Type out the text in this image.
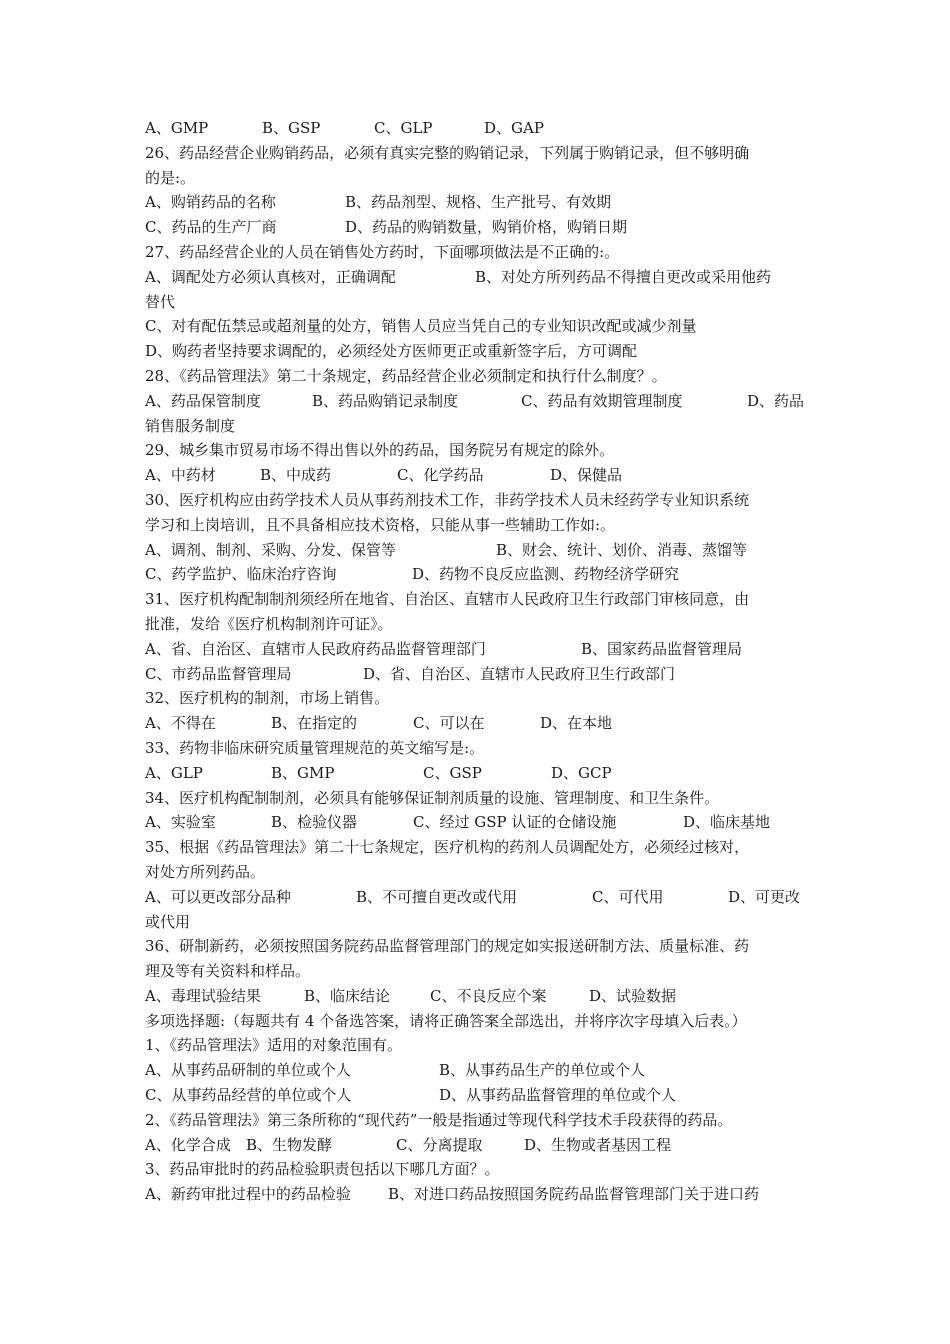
A、GMP	B、GSP	C、GLP	D、GAP
26、药品经营企业购销药品，必须有真实完整的购销记录，下列属于购销记录，但不够明确
的是:。
A、购销药品的名称	B、药品剂型、规格、生产批号、有效期
C、药品的生产厂商	D、药品的购销数量，购销价格，购销日期
27、药品经营企业的人员在销售处方药时，下面哪项做法是不正确的:。
A、调配处方必须认真核对，正确调配	B、对处方所列药品不得擅自更改或采用他药
替代
C、对有配伍禁忌或超剂量的处方，销售人员应当凭自己的专业知识改配或减少剂量
D、购药者坚持要求调配的，必须经处方医师更正或重新签字后，方可调配
28、《药品管理法》第二十条规定，药品经营企业必须制定和执行什么制度？。
A、药品保管制度	B、药品购销记录制度	C、药品有效期管理制度	D、药品
销售服务制度
29、城乡集市贸易市场不得出售以外的药品，国务院另有规定的除外。
A、中药材	B、中成药	C、化学药品	D、保健品
30、医疗机构应由药学技术人员从事药剂技术工作，非药学技术人员未经药学专业知识系统
学习和上岗培训，且不具备相应技术资格，只能从事一些辅助工作如:。
A、调剂、制剂、采购、分发、保管等	B、财会、统计、划价、消毒、蒸馏等
C、药学监护、临床治疗咨询	D、药物不良反应监测、药物经济学研究
31、医疗机构配制制剂须经所在地省、自治区、直辖市人民政府卫生行政部门审核同意，由
批准，发给《医疗机构制剂许可证》。
A、省、自治区、直辖市人民政府药品监督管理部门	B、国家药品监督管理局
C、市药品监督管理局	D、省、自治区、直辖市人民政府卫生行政部门
32、医疗机构的制剂，市场上销售。
A、不得在	B、在指定的	C、可以在	D、在本地
33、药物非临床研究质量管理规范的英文缩写是:。
A、GLP	B、GMP	C、GSP	D、GCP
34、医疗机构配制制剂，必须具有能够保证制剂质量的设施、管理制度、和卫生条件。
A、实验室	B、检验仪器	C、经过 GSP 认证的仓储设施	D、临床基地
35、根据《药品管理法》第二十七条规定，医疗机构的药剂人员调配处方，必须经过核对，
对处方所列药品。
A、可以更改部分品种	B、不可擅自更改或代用	C、可代用	D、可更改
或代用
36、研制新药，必须按照国务院药品监督管理部门的规定如实报送研制方法、质量标准、药
理及等有关资料和样品。
A、毒理试验结果	B、临床结论	C、不良反应个案	D、试验数据
多项选择题:（每题共有 4 个备选答案，请将正确答案全部选出，并将序次字母填入后表。）
1、《药品管理法》适用的对象范围有。
A、从事药品研制的单位或个人	B、从事药品生产的单位或个人
C、从事药品经营的单位或个人	D、从事药品监督管理的单位或个人
2、《药品管理法》第三条所称的“现代药”一般是指通过等现代科学技术手段获得的药品。
A、化学合成 B、生物发酵	C、分离提取	D、生物或者基因工程
3、药品审批时的药品检验职责包括以下哪几方面？。
A、新药审批过程中的药品检验 B、对进口药品按照国务院药品监督管理部门关于进口药
